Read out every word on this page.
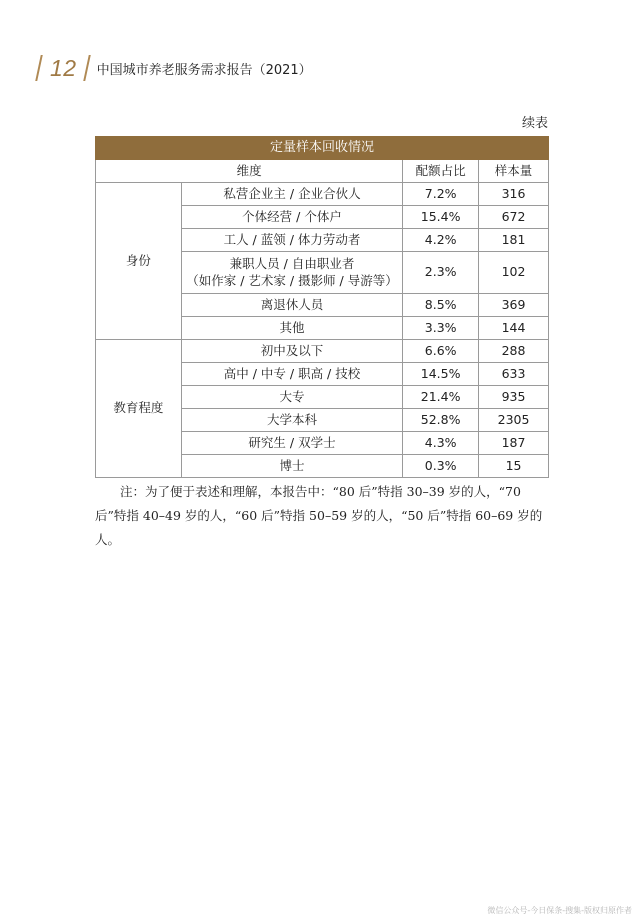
12 中国城市养老服务需求报告（2021）
续表
定量样本回收情况			
维度		配额占比	样本量
身份	私营企业主 / 企业合伙人	7.2%	316
	个体经营 / 个体户	15.4%	672
	工人 / 蓝领 / 体力劳动者	4.2%	181

	兼职人员 / 自由职业者
（如作家 / 艺术家 / 摄影师 / 导游等）	2.3%	102
	离退休人员	8.5%	369
	其他	3.3%	144
教育程度	初中及以下	6.6%	288
	高中 / 中专 / 职高 / 技校	14.5%	633
	大专	21.4%	935
	大学本科	52.8%	2305
	研究生 / 双学士	4.3%	187
	博士	0.3%	15

注：为了便于表述和理解，本报告中：“80 后”特指 30–39 岁的人，“70 后”特指 40–49 岁的人，“60 后”特指 50–59 岁的人，“50 后”特指 60–69 岁的人。

微信公众号-今日保条-搜集-版权归原作者
